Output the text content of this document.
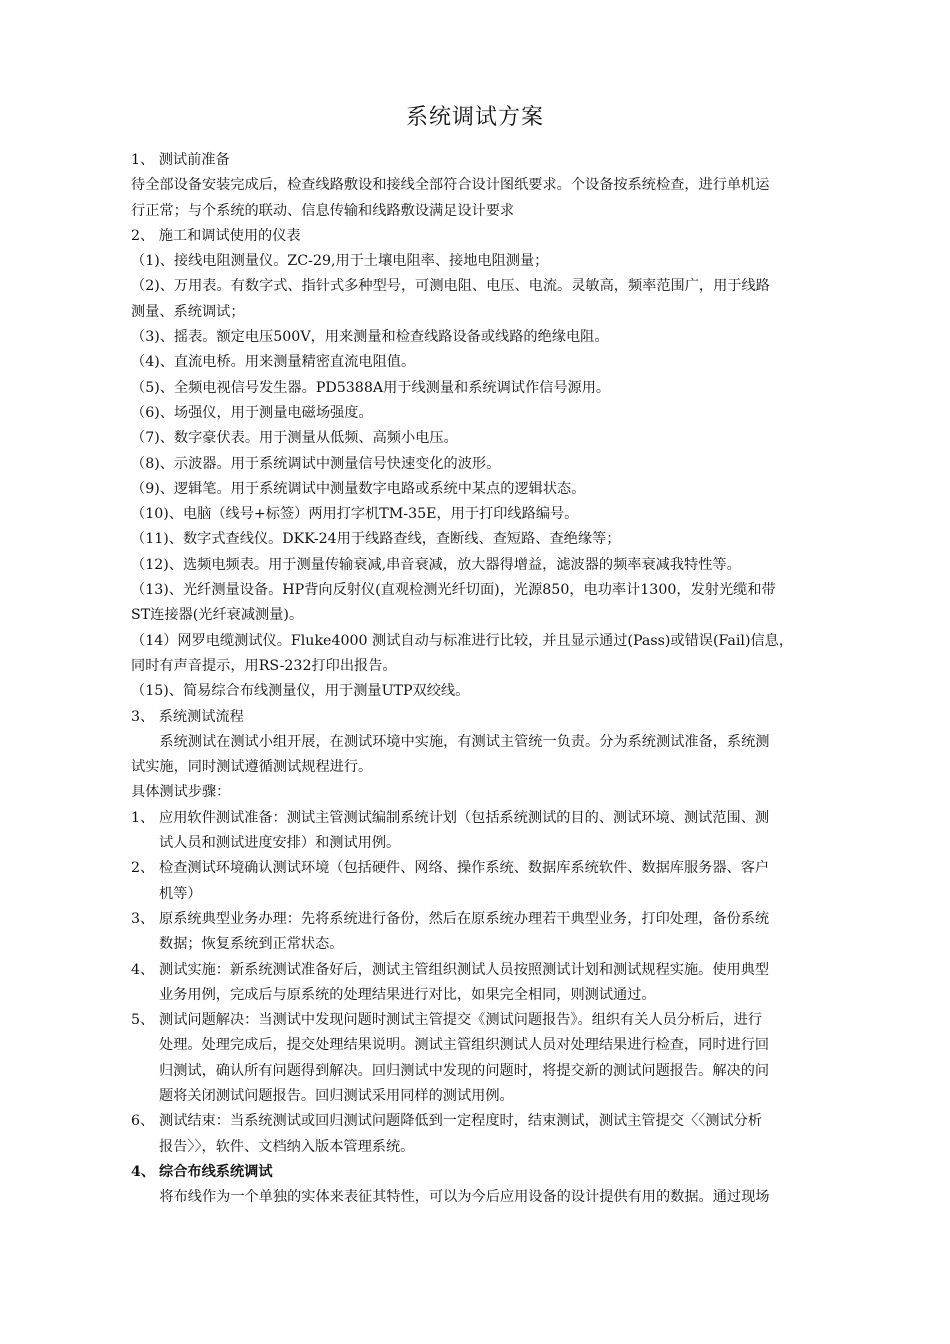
系统调试方案
1、 测试前准备
待全部设备安装完成后，检查线路敷设和接线全部符合设计图纸要求。个设备按系统检查，进行单机运
行正常；与个系统的联动、信息传输和线路敷设满足设计要求
2、 施工和调试使用的仪表
（1)、接线电阻测量仪。ZC-29,用于土壤电阻率、接地电阻测量；
（2)、万用表。有数字式、指针式多种型号，可测电阻、电压、电流。灵敏高，频率范围广，用于线路
测量、系统调试；
（3)、摇表。额定电压500V，用来测量和检查线路设备或线路的绝缘电阻。
（4)、直流电桥。用来测量精密直流电阻值。
（5)、全频电视信号发生器。PD5388A用于线测量和系统调试作信号源用。
（6)、场强仪，用于测量电磁场强度。
（7)、数字豪伏表。用于测量从低频、高频小电压。
（8)、示波器。用于系统调试中测量信号快速变化的波形。
（9)、逻辑笔。用于系统调试中测量数字电路或系统中某点的逻辑状态。
（10)、电脑（线号+标签）两用打字机TM-35E，用于打印线路编号。
（11)、数字式查线仪。DKK-24用于线路查线，查断线、查短路、查绝缘等；
（12)、选频电频表。用于测量传输衰减,串音衰减，放大器得增益，滤波器的频率衰减我特性等。
（13)、光纤测量设备。HP背向反射仪(直观检测光纤切面)，光源850，电功率计1300，发射光缆和带
ST连接器(光纤衰减测量)。
（14）网罗电缆测试仪。Fluke4000 测试自动与标准进行比较，并且显示通过(Pass)或错误(Fail)信息，
同时有声音提示，用RS-232打印出报告。
（15)、简易综合布线测量仪，用于测量UTP双绞线。
3、 系统测试流程
系统测试在测试小组开展，在测试环境中实施，有测试主管统一负责。分为系统测试准备，系统测
试实施，同时测试遵循测试规程进行。
具体测试步骤：
1、 应用软件测试准备：测试主管测试编制系统计划（包括系统测试的目的、测试环境、测试范围、测
试人员和测试进度安排）和测试用例。
2、 检查测试环境确认测试环境（包括硬件、网络、操作系统、数据库系统软件、数据库服务器、客户
机等）
3、 原系统典型业务办理：先将系统进行备份，然后在原系统办理若干典型业务，打印处理，备份系统
数据；恢复系统到正常状态。
4、 测试实施：新系统测试准备好后，测试主管组织测试人员按照测试计划和测试规程实施。使用典型
业务用例，完成后与原系统的处理结果进行对比，如果完全相同，则测试通过。
5、 测试问题解决：当测试中发现问题时测试主管提交《测试问题报告》。组织有关人员分析后，进行
处理。处理完成后，提交处理结果说明。测试主管组织测试人员对处理结果进行检查，同时进行回
归测试，确认所有问题得到解决。回归测试中发现的问题时，将提交新的测试问题报告。解决的问
题将关闭测试问题报告。回归测试采用同样的测试用例。
6、 测试结束：当系统测试或回归测试问题降低到一定程度时，结束测试，测试主管提交〈〈测试分析
报告〉〉，软件、文档纳入版本管理系统。
4、 综合布线系统调试
将布线作为一个单独的实体来表征其特性，可以为今后应用设备的设计提供有用的数据。通过现场
